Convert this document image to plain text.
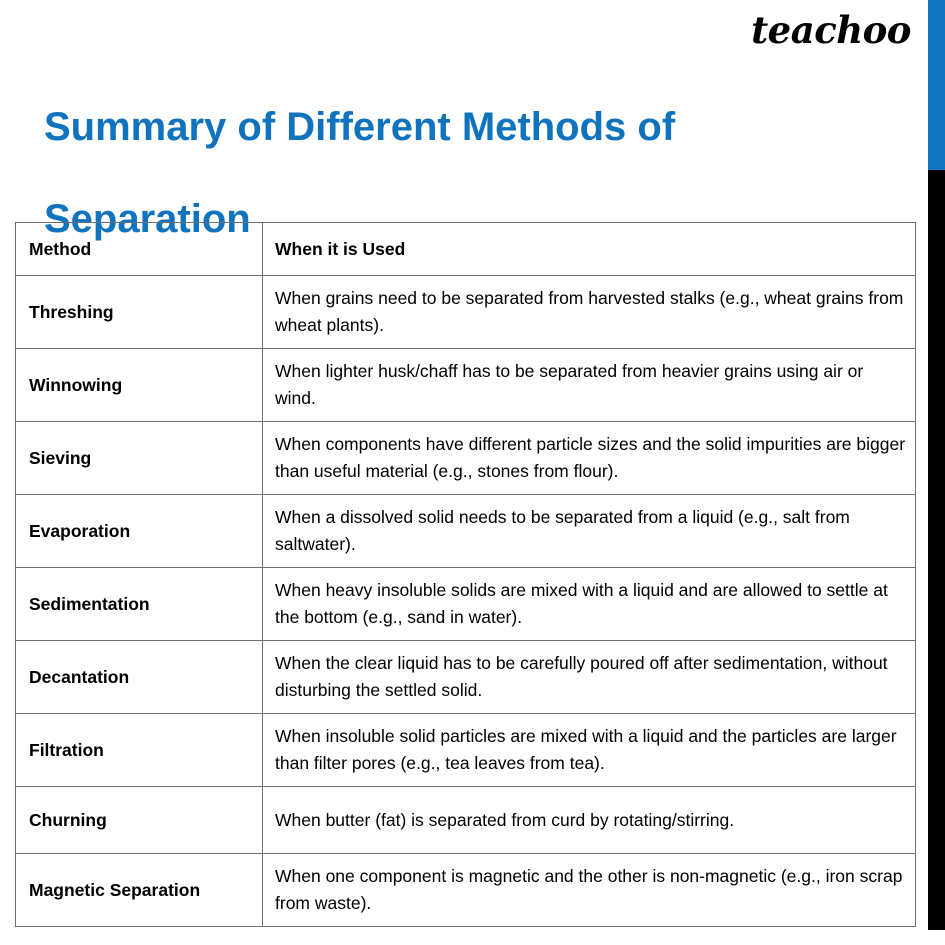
teachoo
Summary of Different Methods of
Separation
Method	When it is Used
Threshing	When grains need to be separated from harvested stalks (e.g., wheat grains from wheat plants).
Winnowing	When lighter husk/chaff has to be separated from heavier grains using air or wind.
Sieving	When components have different particle sizes and the solid impurities are bigger than useful material (e.g., stones from flour).
Evaporation	When a dissolved solid needs to be separated from a liquid (e.g., salt from saltwater).
Sedimentation	When heavy insoluble solids are mixed with a liquid and are allowed to settle at the bottom (e.g., sand in water).
Decantation	When the clear liquid has to be carefully poured off after sedimentation, without disturbing the settled solid.
Filtration	When insoluble solid particles are mixed with a liquid and the particles are larger than filter pores (e.g., tea leaves from tea).
Churning	When butter (fat) is separated from curd by rotating/stirring.
Magnetic Separation	When one component is magnetic and the other is non-magnetic (e.g., iron scrap from waste).
